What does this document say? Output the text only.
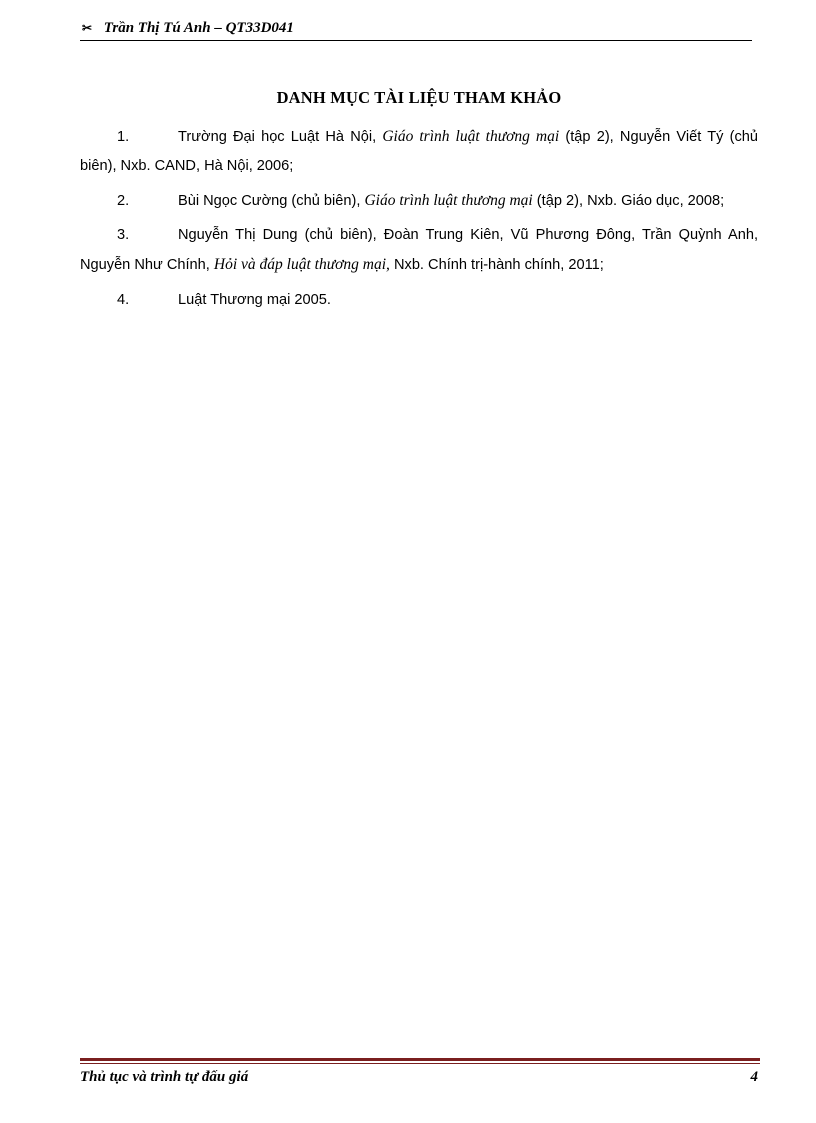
✂ Trần Thị Tú Anh – QT33D041
DANH MỤC TÀI LIỆU THAM KHẢO

1.	Trường Đại học Luật Hà Nội, Giáo trình luật thương mại (tập 2), Nguyễn Viết Tý (chủ biên), Nxb. CAND, Hà Nội, 2006;

2.	Bùi Ngọc Cường (chủ biên), Giáo trình luật thương mại (tập 2), Nxb. Giáo dục, 2008;

3.	Nguyễn Thị Dung (chủ biên), Đoàn Trung Kiên, Vũ Phương Đông, Trần Quỳnh Anh, Nguyễn Như Chính, Hỏi và đáp luật thương mại, Nxb. Chính trị-hành chính, 2011;

4.	Luật Thương mại 2005.

Thủ tục và trình tự đấu giá	4
